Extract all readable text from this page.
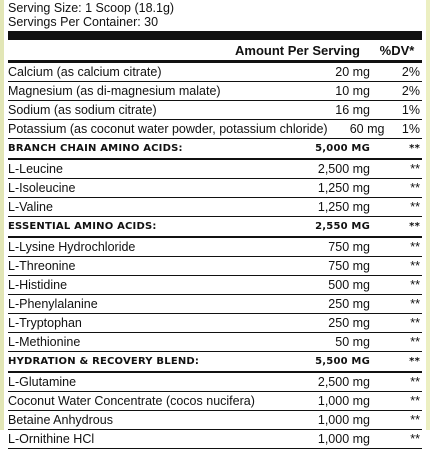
Serving Size: 1 Scoop (18.1g)
Servings Per Container: 30
Amount Per Serving	%DV*
Calcium (as calcium citrate)	20 mg	2%
Magnesium (as di-magnesium malate)	10 mg	2%
Sodium (as sodium citrate)	16 mg	1%
Potassium (as coconut water powder, potassium chloride)	60 mg	1%
BRANCH CHAIN AMINO ACIDS:	5,000 MG	**
L-Leucine	2,500 mg	**
L-Isoleucine	1,250 mg	**
L-Valine	1,250 mg	**
ESSENTIAL AMINO ACIDS:	2,550 MG	**
L-Lysine Hydrochloride	750 mg	**
L-Threonine	750 mg	**
L-Histidine	500 mg	**
L-Phenylalanine	250 mg	**
L-Tryptophan	250 mg	**
L-Methionine	50 mg	**
HYDRATION & RECOVERY BLEND:	5,500 MG	**
L-Glutamine	2,500 mg	**
Coconut Water Concentrate (cocos nucifera)	1,000 mg	**
Betaine Anhydrous	1,000 mg	**
L-Ornithine HCl	1,000 mg	**
